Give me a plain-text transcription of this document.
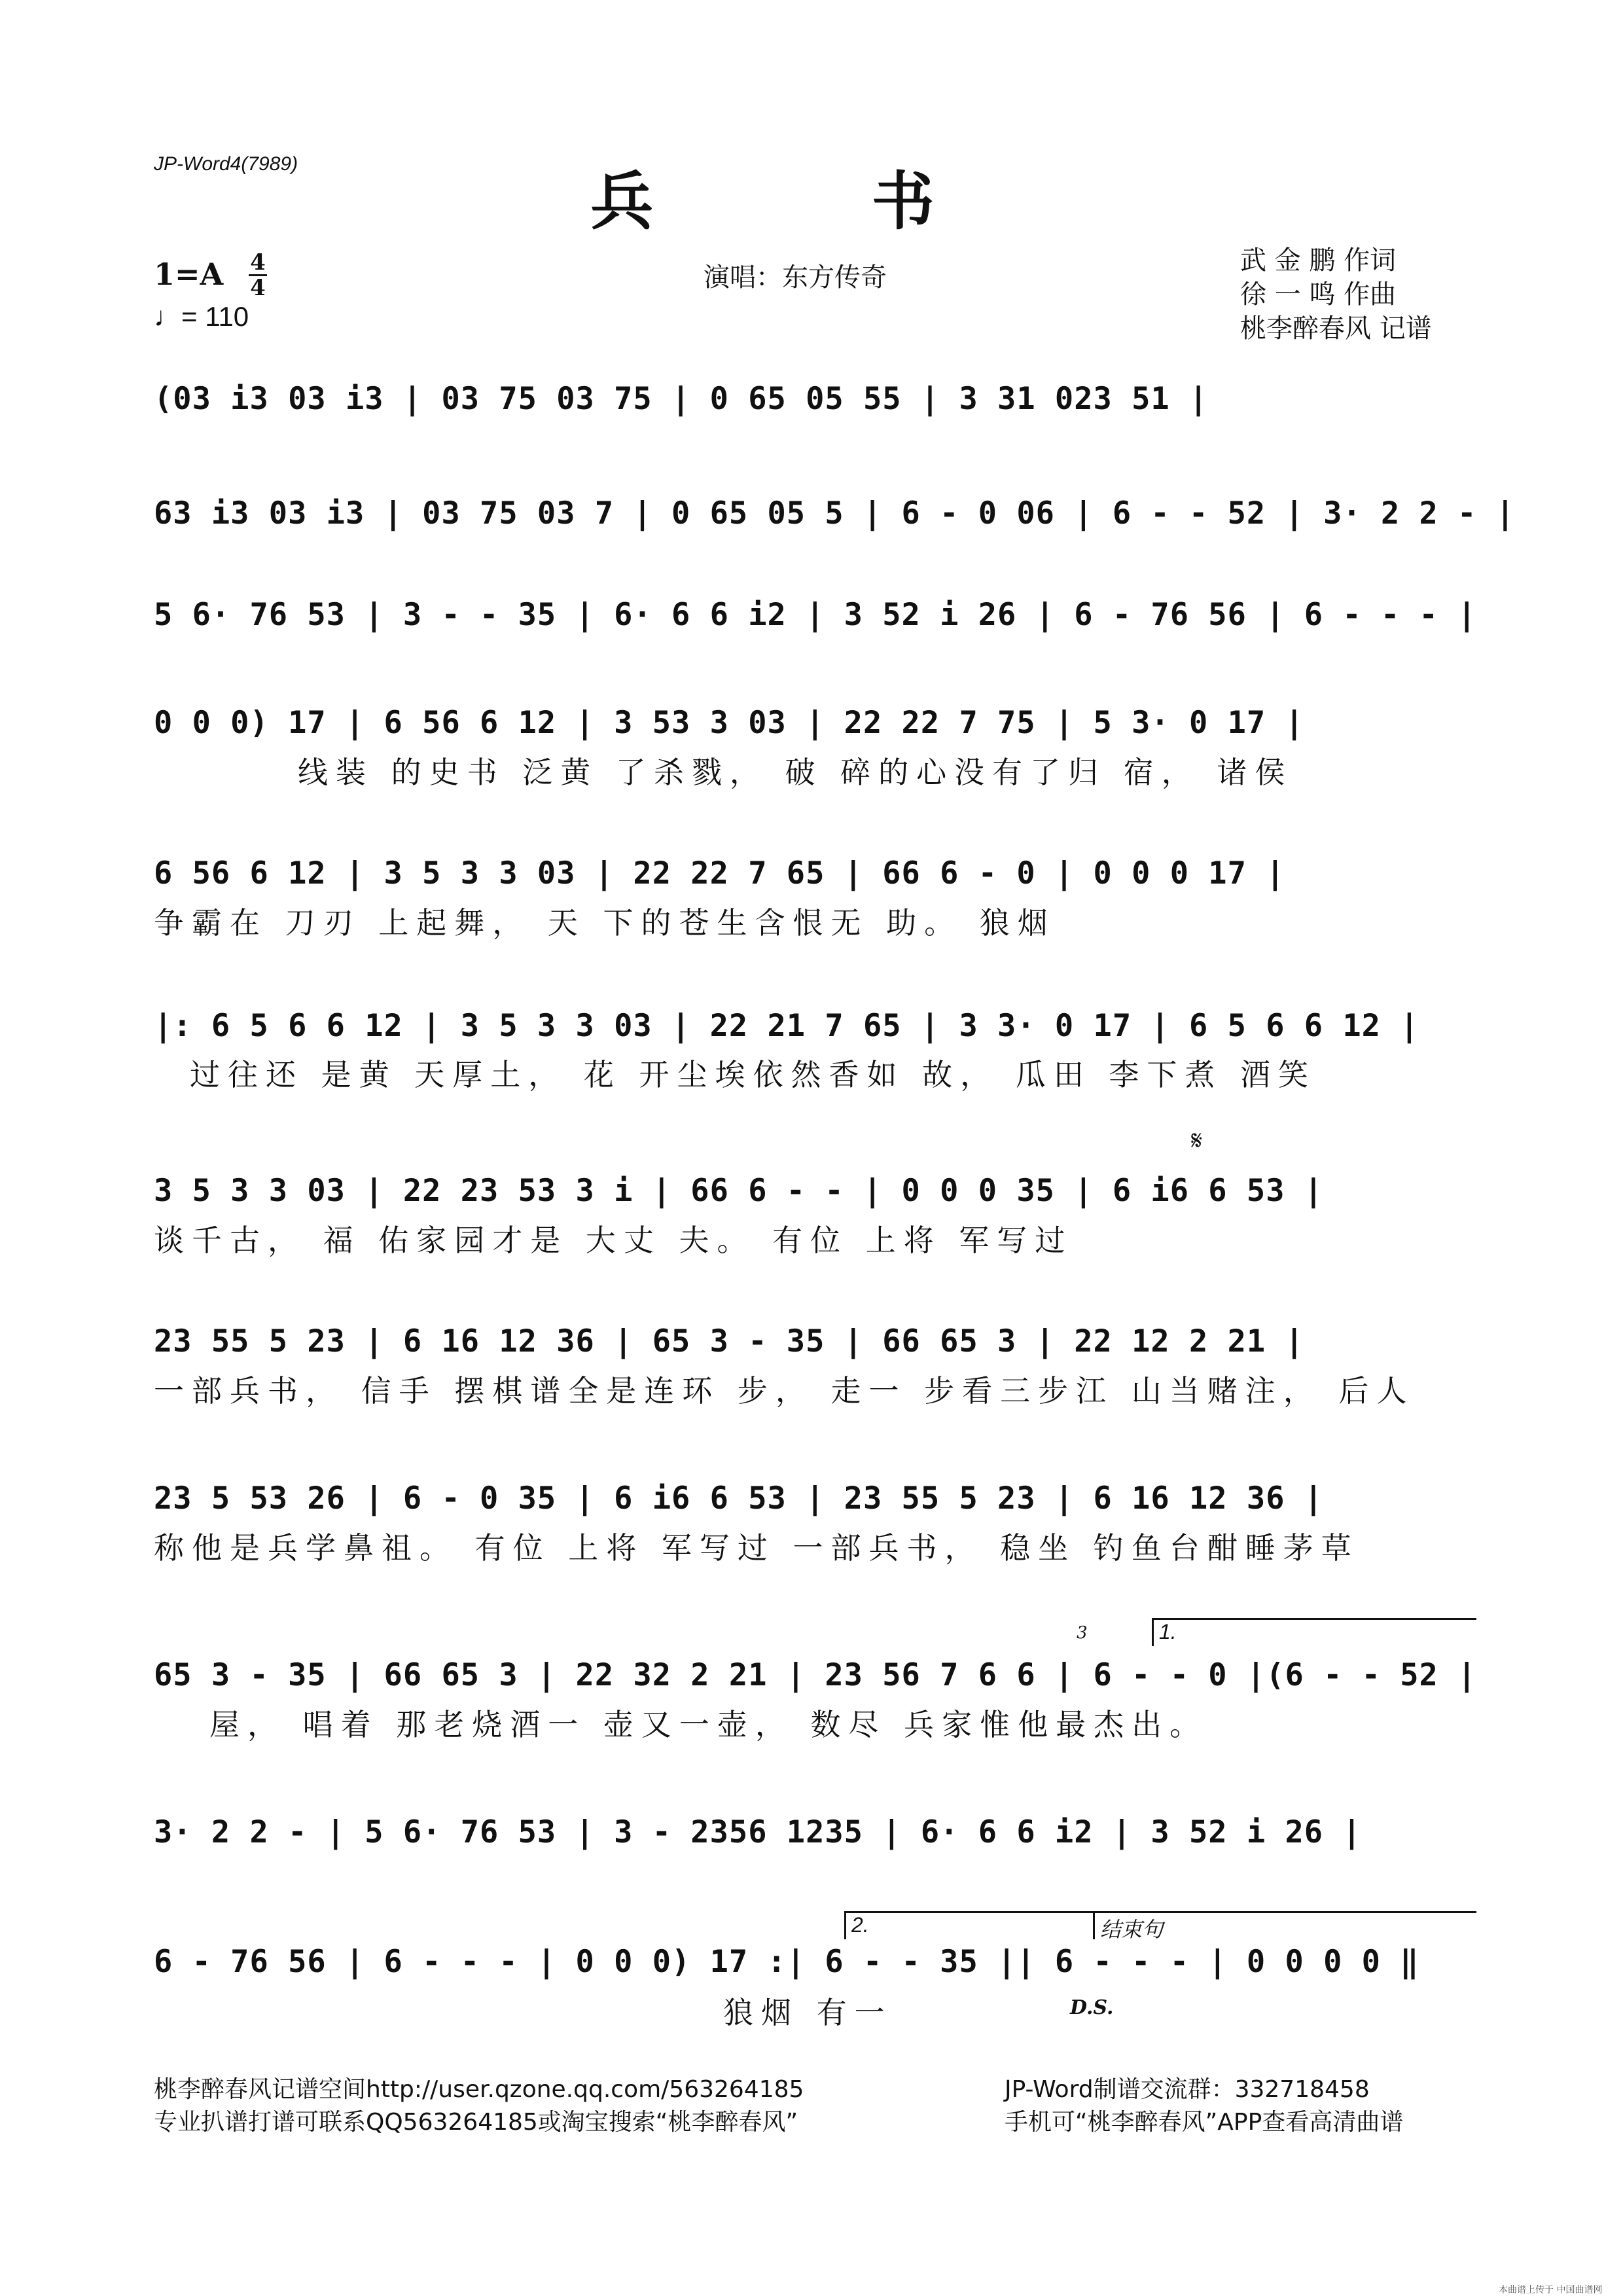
JP-Word4(7989)
兵 书
1=A 4
4
♩= 110
演唱：东方传奇
武 金 鹏 作词
徐 一 鸣 作曲
桃李醉春风 记谱
(03 i3 03 i3 | 03 75 03 75 | 0 65 05 55 | 3 31 023 51 |
63 i3 03 i3 | 03 75 03 7 | 0 65 05 5 | 6 - 0 06 | 6 - - 52 | 3· 2 2 - |
5 6· 76 53 | 3 - - 35 | 6· 6 6 i2 | 3 52 i 26 | 6 - 76 56 | 6 - - - |
0 0 0) 17 | 6 56 6 12 | 3 53 3 03 | 22 22 7 75 | 5 3· 0 17 |
线装 的史书 泛黄 了杀戮， 破 碎的心没有了归 宿， 诸侯
6 56 6 12 | 3 5 3 3 03 | 22 22 7 65 | 66 6 - 0 | 0 0 0 17 |
争霸在 刀刃 上起舞， 天 下的苍生含恨无 助。 狼烟
|: 6 5 6 6 12 | 3 5 3 3 03 | 22 21 7 65 | 3 3· 0 17 | 6 5 6 6 12 |
过往还 是黄 天厚土， 花 开尘埃依然香如 故， 瓜田 李下煮 酒笑
𝄋
3 5 3 3 03 | 22 23 53 3 i | 66 6 - - | 0 0 0 35 | 6 i6 6 53 |
谈千古， 福 佑家园才是 大丈 夫。 有位 上将 军写过
23 55 5 23 | 6 16 12 36 | 65 3 - 35 | 66 65 3 | 22 12 2 21 |
一部兵书， 信手 摆棋谱全是连环 步， 走一 步看三步江 山当赌注， 后人
23 5 53 26 | 6 - 0 35 | 6 i6 6 53 | 23 55 5 23 | 6 16 12 36 |
称他是兵学鼻祖。 有位 上将 军写过 一部兵书， 稳坐 钓鱼台酣睡茅草
3	1.
65 3 - 35 | 66 65 3 | 22 32 2 21 | 23 56 7 6 6 | 6 - - 0 |(6 - - 52 |
屋， 唱着 那老烧酒一 壶又一壶， 数尽 兵家惟他最杰出。
3· 2 2 - | 5 6· 76 53 | 3 - 2356 1235 | 6· 6 6 i2 | 3 52 i 26 |
2.	结束句
6 - 76 56 | 6 - - - | 0 0 0) 17 :| 6 - - 35 || 6 - - - | 0 0 0 0 ‖
狼烟 有一	D.S.
桃李醉春风记谱空间http://user.qzone.qq.com/563264185
专业扒谱打谱可联系QQ563264185或淘宝搜索“桃李醉春风”
JP-Word制谱交流群：332718458
手机可“桃李醉春风”APP查看高清曲谱
本曲谱上传于 中国曲谱网
